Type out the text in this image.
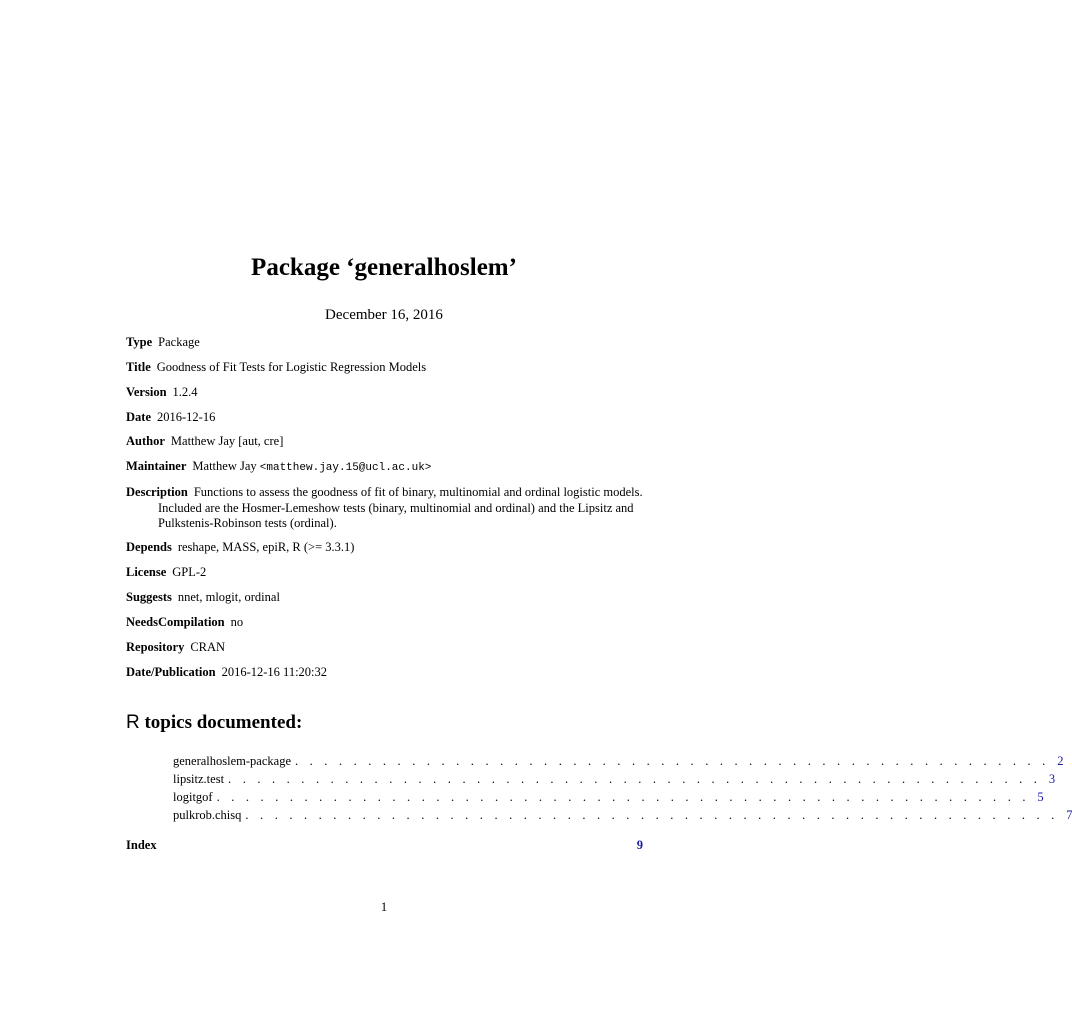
Package ‘generalhoslem’
December 16, 2016
Type Package
Title Goodness of Fit Tests for Logistic Regression Models
Version 1.2.4
Date 2016-12-16
Author Matthew Jay [aut, cre]
Maintainer Matthew Jay <matthew.jay.15@ucl.ac.uk>
Description Functions to assess the goodness of fit of binary, multinomial and ordinal logistic models.
Included are the Hosmer-Lemeshow tests (binary, multinomial and ordinal) and the Lipsitz and
Pulkstenis-Robinson tests (ordinal).
Depends reshape, MASS, epiR, R (>= 3.3.1)
License GPL-2
Suggests nnet, mlogit, ordinal
NeedsCompilation no
Repository CRAN
Date/Publication 2016-12-16 11:20:32
R topics documented:
generalhoslem-package . . . . . . . . . . . . . . . . . . . . . . . . . . . . . . . . . . . . . . . . . . . . . . . . . . . . 2
lipsitz.test . . . . . . . . . . . . . . . . . . . . . . . . . . . . . . . . . . . . . . . . . . . . . . . . . . . . . . . . 3
logitgof . . . . . . . . . . . . . . . . . . . . . . . . . . . . . . . . . . . . . . . . . . . . . . . . . . . . . . . . 5
pulkrob.chisq . . . . . . . . . . . . . . . . . . . . . . . . . . . . . . . . . . . . . . . . . . . . . . . . . . . . . . . . 7
Index	9
1
